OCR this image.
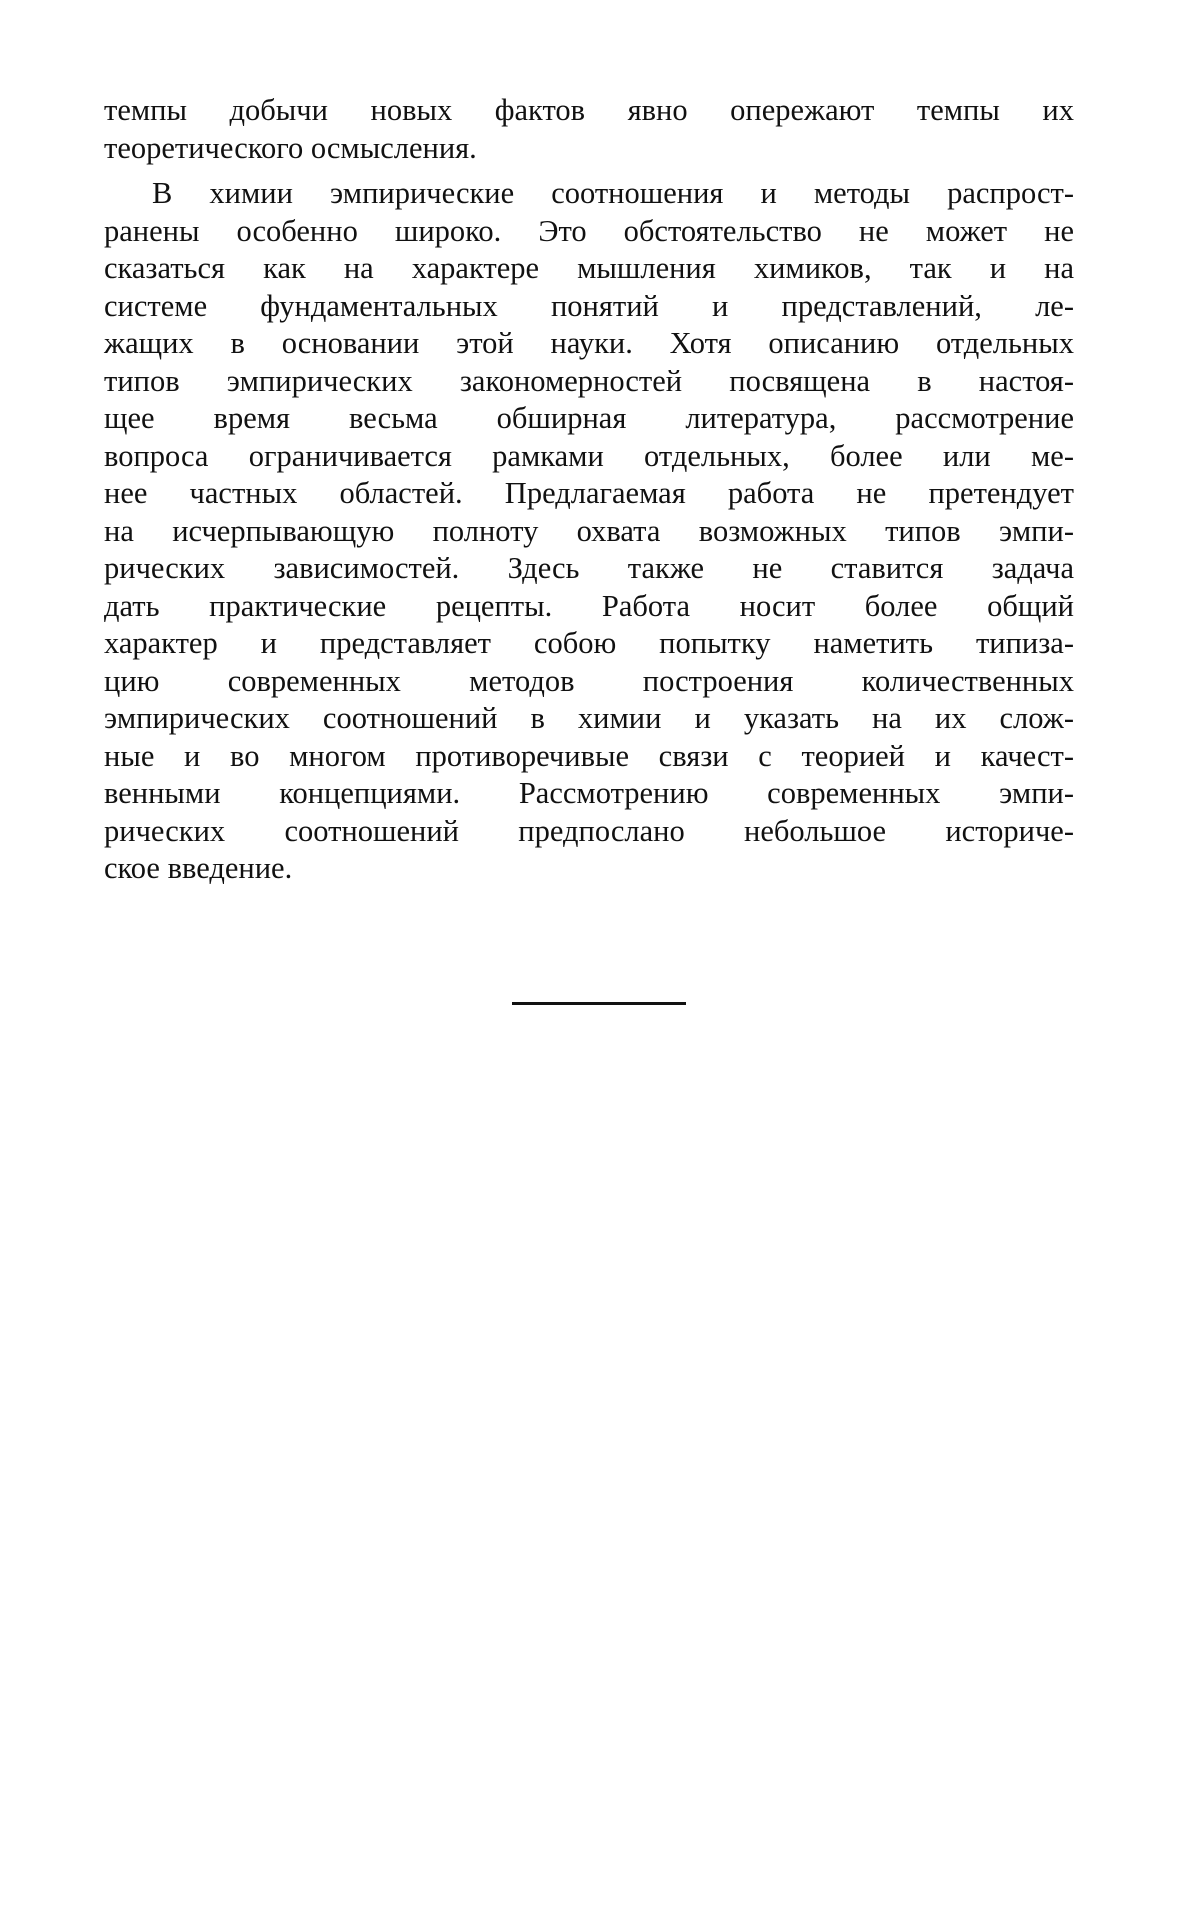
темпы добычи новых фактов явно опережают темпы их
теоретического осмысления.
В химии эмпирические соотношения и методы распрост-
ранены особенно широко. Это обстоятельство не может не
сказаться как на характере мышления химиков, так и на
системе фундаментальных понятий и представлений, ле-
жащих в основании этой науки. Хотя описанию отдельных
типов эмпирических закономерностей посвящена в настоя-
щее время весьма обширная литература, рассмотрение
вопроса ограничивается рамками отдельных, более или ме-
нее частных областей. Предлагаемая работа не претендует
на исчерпывающую полноту охвата возможных типов эмпи-
рических зависимостей. Здесь также не ставится задача
дать практические рецепты. Работа носит более общий
характер и представляет собою попытку наметить типиза-
цию современных методов построения количественных
эмпирических соотношений в химии и указать на их слож-
ные и во многом противоречивые связи с теорией и качест-
венными концепциями. Рассмотрению современных эмпи-
рических соотношений предпослано небольшое историче-
ское введение.
